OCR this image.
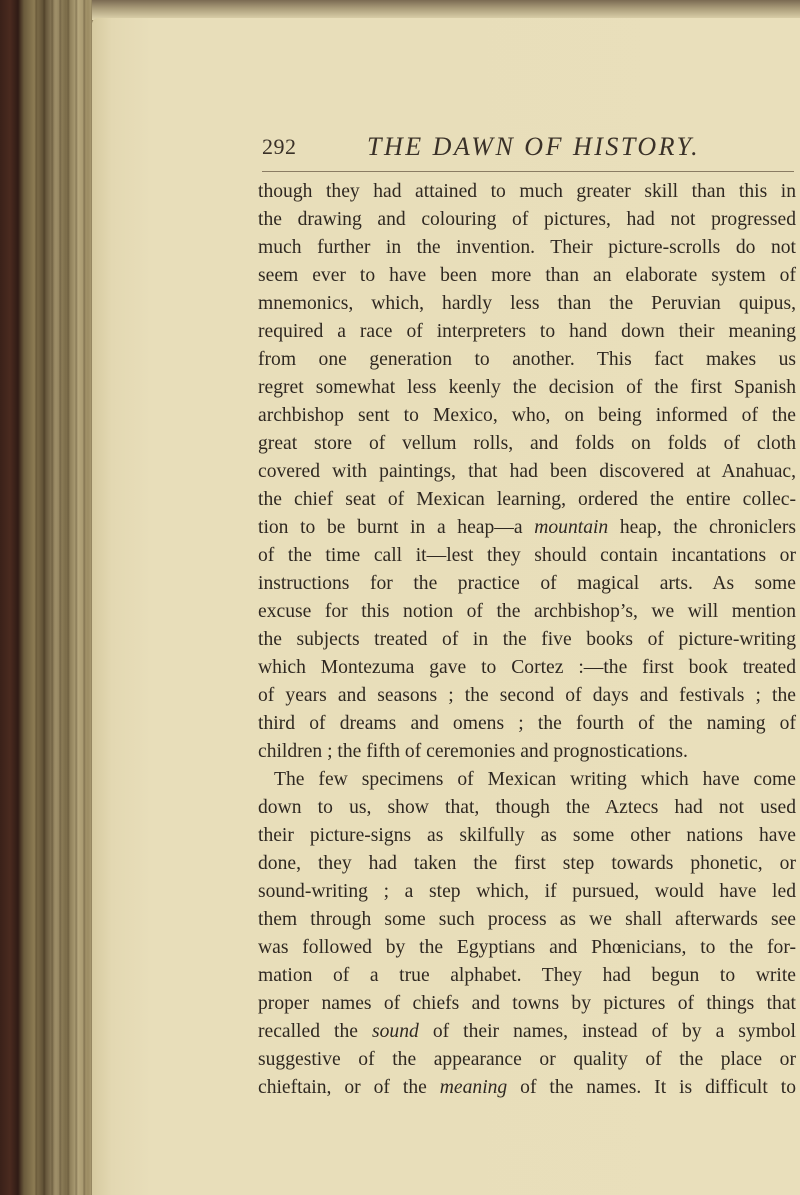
292	THE DAWN OF HISTORY.
though they had attained to much greater skill than this in
the drawing and colouring of pictures, had not progressed
much further in the invention. Their picture-scrolls do not
seem ever to have been more than an elaborate system of
mnemonics, which, hardly less than the Peruvian quipus,
required a race of interpreters to hand down their meaning
from one generation to another. This fact makes us
regret somewhat less keenly the decision of the first Spanish
archbishop sent to Mexico, who, on being informed of the
great store of vellum rolls, and folds on folds of cloth
covered with paintings, that had been discovered at Anahuac,
the chief seat of Mexican learning, ordered the entire collec-
tion to be burnt in a heap—a mountain heap, the chroniclers
of the time call it—lest they should contain incantations or
instructions for the practice of magical arts. As some
excuse for this notion of the archbishop’s, we will mention
the subjects treated of in the five books of picture-writing
which Montezuma gave to Cortez :—the first book treated
of years and seasons ; the second of days and festivals ; the
third of dreams and omens ; the fourth of the naming of
children ; the fifth of ceremonies and prognostications.
The few specimens of Mexican writing which have come
down to us, show that, though the Aztecs had not used
their picture-signs as skilfully as some other nations have
done, they had taken the first step towards phonetic, or
sound-writing ; a step which, if pursued, would have led
them through some such process as we shall afterwards see
was followed by the Egyptians and Phœnicians, to the for-
mation of a true alphabet. They had begun to write
proper names of chiefs and towns by pictures of things that
recalled the sound of their names, instead of by a symbol
suggestive of the appearance or quality of the place or
chieftain, or of the meaning of the names. It is difficult to
